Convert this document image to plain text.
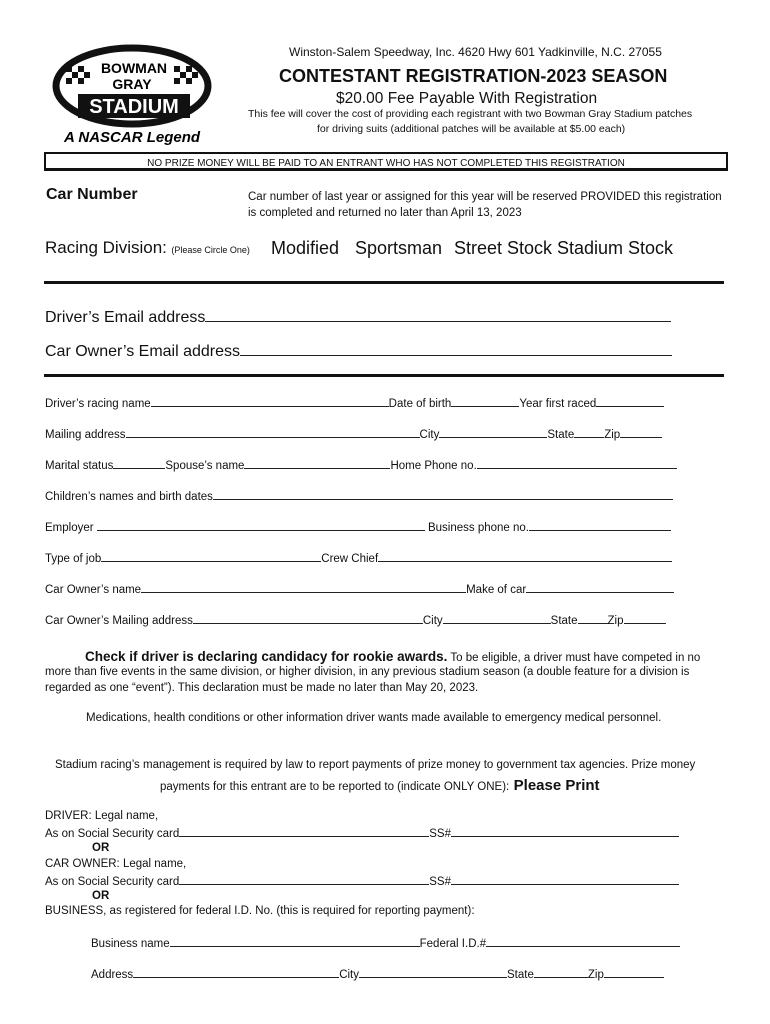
BOWMAN
GRAY
STADIUM
A NASCAR Legend
Winston-Salem Speedway, Inc. 4620 Hwy 601 Yadkinville, N.C. 27055
CONTESTANT REGISTRATION-2023 SEASON
$20.00 Fee Payable With Registration
This fee will cover the cost of providing each registrant with two Bowman Gray Stadium patches
for driving suits (additional patches will be available at $5.00 each)
NO PRIZE MONEY WILL BE PAID TO AN ENTRANT WHO HAS NOT COMPLETED THIS REGISTRATION
Car Number	Car number of last year or assigned for this year will be reserved PROVIDED this registration
is completed and returned no later than April 13, 2023
Racing Division: (Please Circle One) Modified Sportsman Street Stock Stadium Stock
Driver’s Email address
Car Owner’s Email address
Driver’s racing name	Date of birth	Year first raced
Mailing address	City	State	Zip
Marital status	Spouse’s name	Home Phone no.
Children’s names and birth dates
Employer	Business phone no.
Type of job	Crew Chief
Car Owner’s name	Make of car
Car Owner’s Mailing address	City	State	Zip
Check if driver is declaring candidacy for rookie awards. To be eligible, a driver must have competed in no
more than five events in the same division, or higher division, in any previous stadium season (a double feature for a division is
regarded as one “event”). This declaration must be made no later than May 20, 2023.
Medications, health conditions or other information driver wants made available to emergency medical personnel.
Stadium racing’s management is required by law to report payments of prize money to government tax agencies. Prize money
payments for this entrant are to be reported to (indicate ONLY ONE): Please Print
DRIVER: Legal name,
As on Social Security card	SS#
OR
CAR OWNER: Legal name,
As on Social Security card	SS#
OR
BUSINESS, as registered for federal I.D. No. (this is required for reporting payment):
Business name	Federal I.D.#
Address	City	State	Zip
